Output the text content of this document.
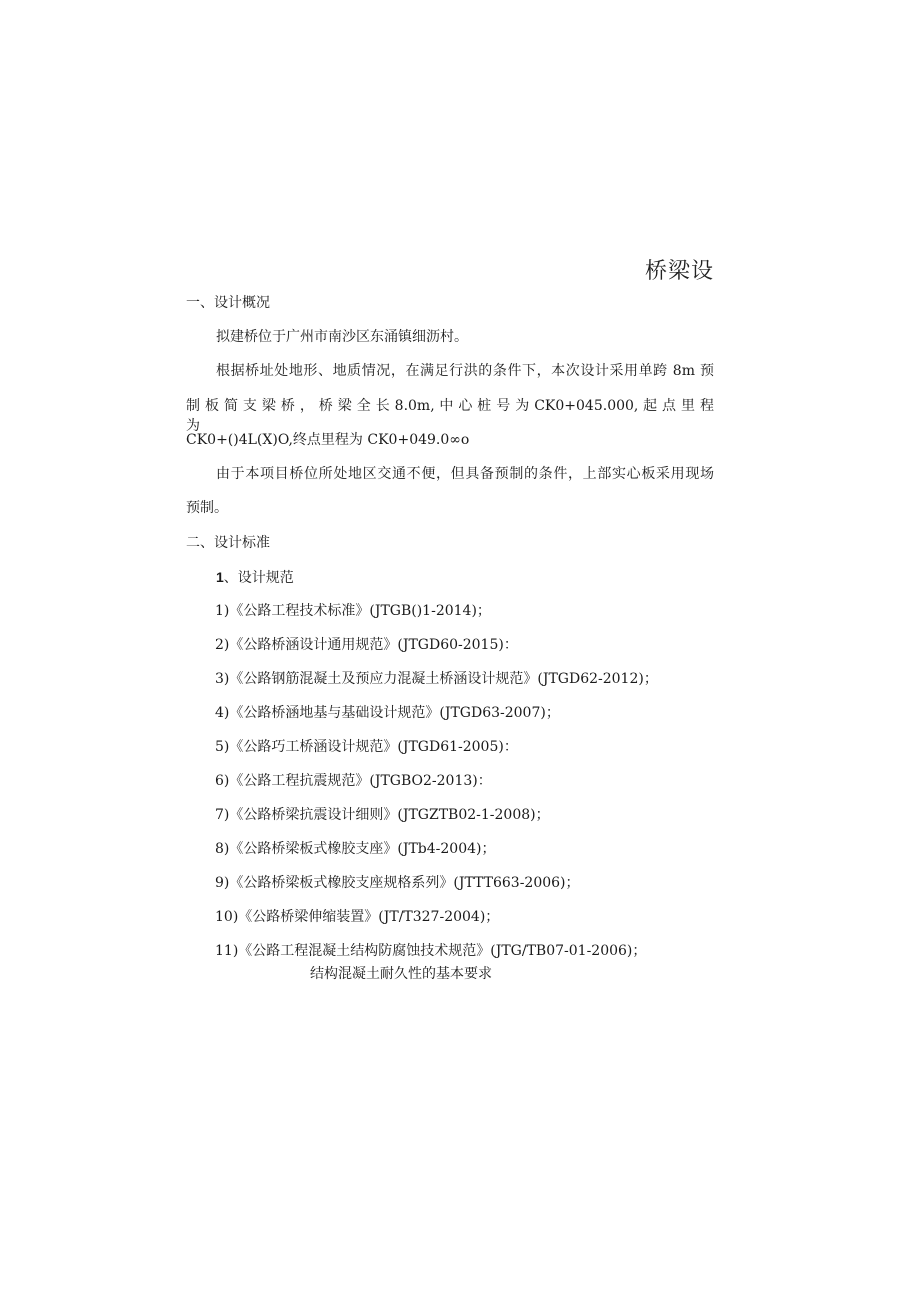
桥梁设
一、设计概况
拟建桥位于广州市南沙区东涌镇细沥村。
根据桥址处地形、地质情况，在满足行洪的条件下，本次设计采用单跨 8m 预
制 板 简 支 梁 桥 ， 桥 梁 全 长 8.0m, 中 心 桩 号 为 CK0+045.000, 起 点 里 程 为
CK0+()4L(X)O,终点里程为 CK0+049.0∞o
由于本项目桥位所处地区交通不便，但具备预制的条件，上部实心板采用现场
预制。
二、设计标准
1、设计规范
1)《公路工程技术标准》(JTGB()1-2014)；
2)《公路桥涵设计通用规范》(JTGD60-2015)：
3)《公路钢筋混凝土及预应力混凝土桥涵设计规范》(JTGD62-2012)；
4)《公路桥涵地基与基础设计规范》(JTGD63-2007)；
5)《公路巧工桥涵设计规范》(JTGD61-2005)：
6)《公路工程抗震规范》(JTGBO2-2013)：
7)《公路桥梁抗震设计细则》(JTGZTB02-1-2008)；
8)《公路桥梁板式橡胶支座》(JTb4-2004)；
9)《公路桥梁板式橡胶支座规格系列》(JTTT663-2006)；
10)《公路桥梁伸缩装置》(JT/T327-2004)；
11)《公路工程混凝土结构防腐蚀技术规范》(JTG/TB07-01-2006)；
结构混凝土耐久性的基本要求
